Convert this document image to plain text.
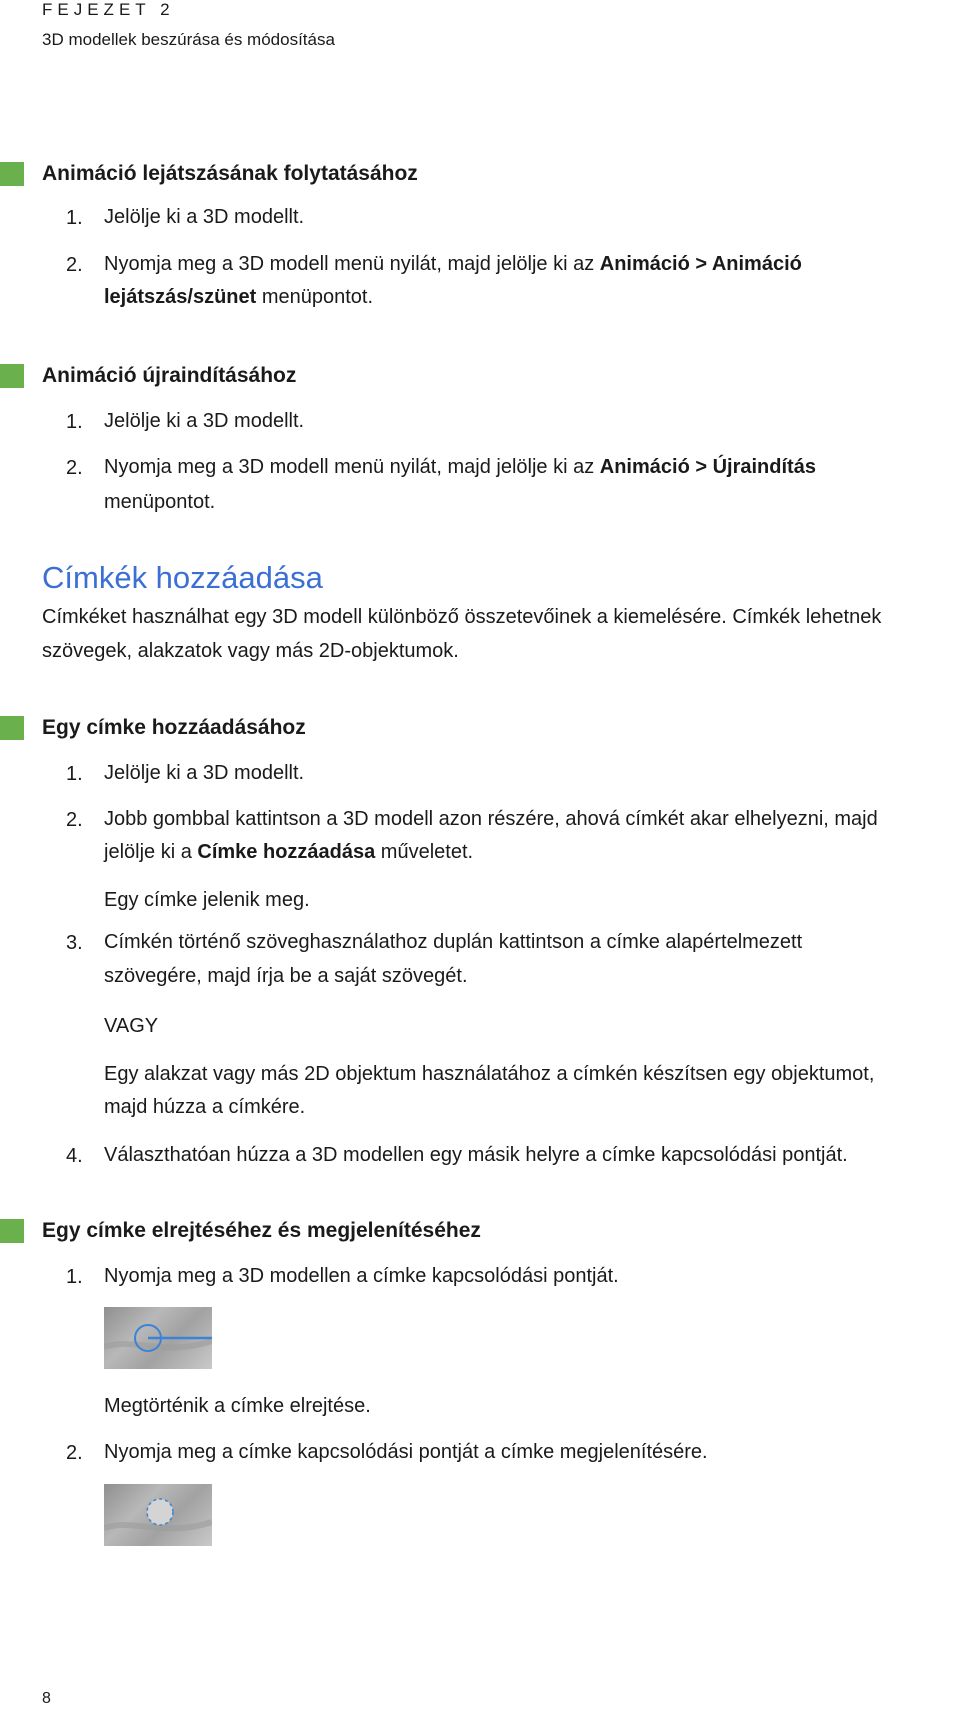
FEJEZET 2
3D modellek beszúrása és módosítása
Animáció lejátszásának folytatásához
1. Jelölje ki a 3D modellt.
2. Nyomja meg a 3D modell menü nyilát, majd jelölje ki az Animáció > Animáció
lejátszás/szünet menüpontot.
Animáció újraindításához
1. Jelölje ki a 3D modellt.
2. Nyomja meg a 3D modell menü nyilát, majd jelölje ki az Animáció > Újraindítás
menüpontot.
Címkék hozzáadása
Címkéket használhat egy 3D modell különböző összetevőinek a kiemelésére. Címkék lehetnek
szövegek, alakzatok vagy más 2D-objektumok.
Egy címke hozzáadásához
1. Jelölje ki a 3D modellt.
2. Jobb gombbal kattintson a 3D modell azon részére, ahová címkét akar elhelyezni, majd
jelölje ki a Címke hozzáadása műveletet.
Egy címke jelenik meg.
3. Címkén történő szöveghasználathoz duplán kattintson a címke alapértelmezett
szövegére, majd írja be a saját szövegét.
VAGY
Egy alakzat vagy más 2D objektum használatához a címkén készítsen egy objektumot,
majd húzza a címkére.
4. Választhatóan húzza a 3D modellen egy másik helyre a címke kapcsolódási pontját.
Egy címke elrejtéséhez és megjelenítéséhez
1. Nyomja meg a 3D modellen a címke kapcsolódási pontját.
Megtörténik a címke elrejtése.
2. Nyomja meg a címke kapcsolódási pontját a címke megjelenítésére.
8
